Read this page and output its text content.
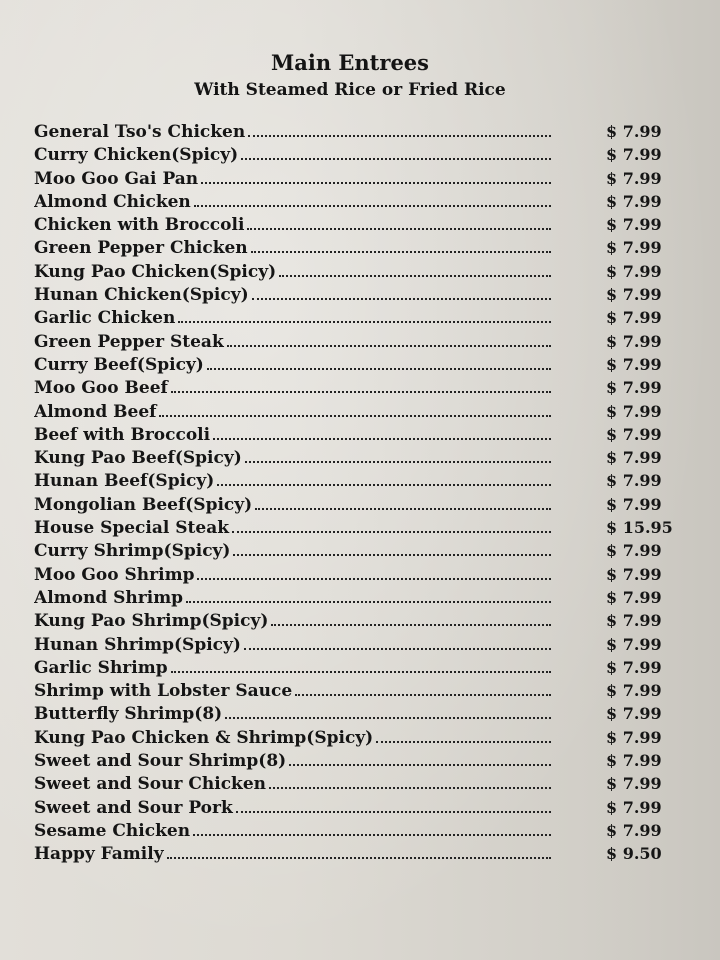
Main Entrees
With Steamed Rice or Fried Rice
General Tso's Chicken	$ 7.99
Curry Chicken(Spicy)	$ 7.99
Moo Goo Gai Pan	$ 7.99
Almond Chicken	$ 7.99
Chicken with Broccoli	$ 7.99
Green Pepper Chicken	$ 7.99
Kung Pao Chicken(Spicy)	$ 7.99
Hunan Chicken(Spicy)	$ 7.99
Garlic Chicken	$ 7.99
Green Pepper Steak	$ 7.99
Curry Beef(Spicy)	$ 7.99
Moo Goo Beef	$ 7.99
Almond Beef	$ 7.99
Beef with Broccoli	$ 7.99
Kung Pao Beef(Spicy)	$ 7.99
Hunan Beef(Spicy)	$ 7.99
Mongolian Beef(Spicy)	$ 7.99
House Special Steak	$ 15.95
Curry Shrimp(Spicy)	$ 7.99
Moo Goo Shrimp	$ 7.99
Almond Shrimp	$ 7.99
Kung Pao Shrimp(Spicy)	$ 7.99
Hunan Shrimp(Spicy)	$ 7.99
Garlic Shrimp	$ 7.99
Shrimp with Lobster Sauce	$ 7.99
Butterfly Shrimp(8)	$ 7.99
Kung Pao Chicken & Shrimp(Spicy)	$ 7.99
Sweet and Sour Shrimp(8)	$ 7.99
Sweet and Sour Chicken	$ 7.99
Sweet and Sour Pork	$ 7.99
Sesame Chicken	$ 7.99
Happy Family	$ 9.50
